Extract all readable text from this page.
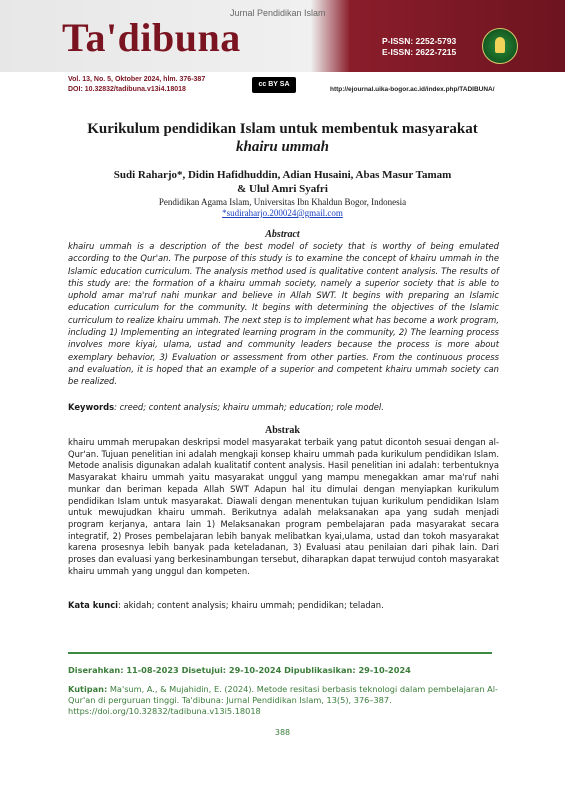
Jurnal Pendidikan Islam
Ta'dibuna	P-ISSN: 2252-5793
E-ISSN: 2622-7215
Vol. 13, No. 5, Oktober 2024, hlm. 376-387
DOI: 10.32832/tadibuna.v13i4.18018
cc BY SA
http://ejournal.uika-bogor.ac.id/index.php/TADIBUNA/
Kurikulum pendidikan Islam untuk membentuk masyarakat
khairu ummah
Sudi Raharjo*, Didin Hafidhuddin, Adian Husaini, Abas Masur Tamam
& Ulul Amri Syafri
Pendidikan Agama Islam, Universitas Ibn Khaldun Bogor, Indonesia
*sudiraharjo.200024@gmail.com
Abstract
khairu ummah is a description of the best model of society that is worthy of being emulated according to the Qur'an. The purpose of this study is to examine the concept of khairu ummah in the Islamic education curriculum. The analysis method used is qualitative content analysis. The results of this study are: the formation of a khairu ummah society, namely a superior society that is able to uphold amar ma'ruf nahi munkar and believe in Allah SWT. It begins with preparing an Islamic education curriculum for the community. It begins with determining the objectives of the Islamic curriculum to realize khairu ummah. The next step is to implement what has become a work program, including 1) Implementing an integrated learning program in the community, 2) The learning process involves more kiyai, ulama, ustad and community leaders because the process is more about exemplary behavior, 3) Evaluation or assessment from other parties. From the continuous process and evaluation, it is hoped that an example of a superior and competent khairu ummah society can be realized.
Keywords: creed; content analysis; khairu ummah; education; role model.
Abstrak
khairu ummah merupakan deskripsi model masyarakat terbaik yang patut dicontoh sesuai dengan al-Qur'an. Tujuan penelitian ini adalah mengkaji konsep khairu ummah pada kurikulum pendidikan Islam. Metode analisis digunakan adalah kualitatif content analysis. Hasil penelitian ini adalah: terbentuknya Masyarakat khairu ummah yaitu masyarakat unggul yang mampu menegakkan amar ma'ruf nahi munkar dan beriman kepada Allah SWT Adapun hal itu dimulai dengan menyiapkan kurikulum pendidikan Islam untuk masyarakat. Diawali dengan menentukan tujuan kurikulum pendidikan Islam untuk mewujudkan khairu ummah. Berikutnya adalah melaksanakan apa yang sudah menjadi program kerjanya, antara lain 1) Melaksanakan program pembelajaran pada masyarakat secara integratif, 2) Proses pembelajaran lebih banyak melibatkan kyai,ulama, ustad dan tokoh masyarakat karena prosesnya lebih banyak pada keteladanan, 3) Evaluasi atau penilaian dari pihak lain. Dari proses dan evaluasi yang berkesinambungan tersebut, diharapkan dapat terwujud contoh masyarakat khairu ummah yang unggul dan kompeten.
Kata kunci: akidah; content analysis; khairu ummah; pendidikan; teladan.
Diserahkan: 11-08-2023 Disetujui: 29-10-2024 Dipublikasikan: 29-10-2024
Kutipan: Ma'sum, A., & Mujahidin, E. (2024). Metode resitasi berbasis teknologi dalam pembelajaran Al-Qur'an di perguruan tinggi. Ta'dibuna: Jurnal Pendidikan Islam, 13(5), 376–387. https://doi.org/10.32832/tadibuna.v13i5.18018
388
